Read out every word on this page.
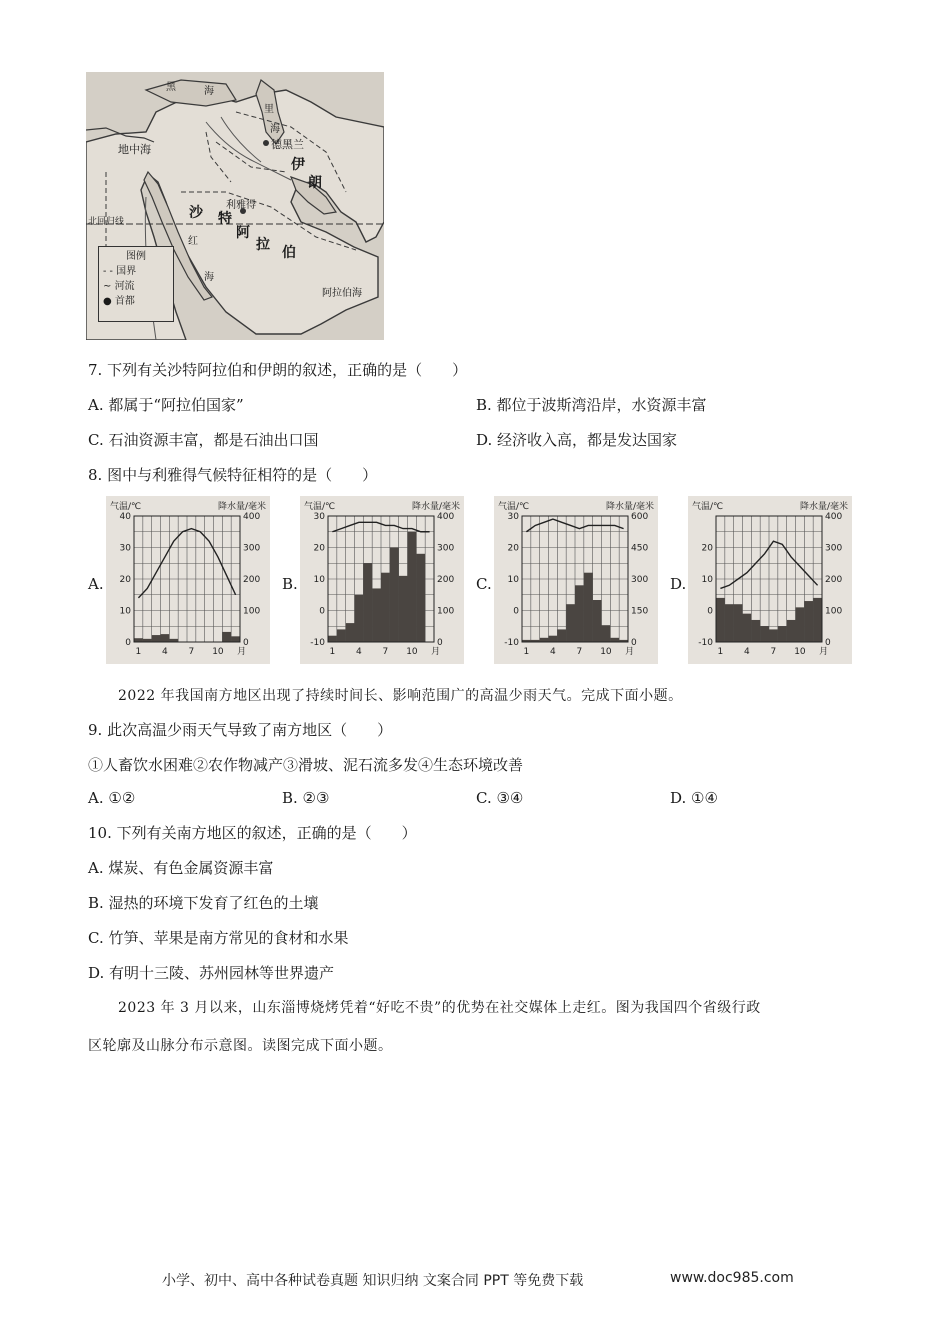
黑	海
里
海
地中海	德黑兰
伊
朗
利雅得
沙 特
阿
拉 伯
北回归线
红
海
阿拉伯海
图例
- - 国界
∼ 河流
● 首都
7. 下列有关沙特阿拉伯和伊朗的叙述，正确的是（　　）
A. 都属于“阿拉伯国家”	B. 都位于波斯湾沿岸，水资源丰富
C. 石油资源丰富，都是石油出口国	D. 经济收入高，都是发达国家
8. 图中与利雅得气候特征相符的是（　　）
A.
0
10
20
30
40
0
100
200
300
400
1 4 7 10 月
气温/℃	降水量/毫米
B.
-10
0
10
20
30
0
100
200
300
400
1 4 7 10 月
气温/℃	降水量/毫米
C.
-10
0
10
20
30
0
150
300
450
600
1 4 7 10 月
气温/℃	降水量/毫米
D.
-10
0
10
20
0
100
200
300
400
1 4 7 10 月
气温/℃	降水量/毫米
2022 年我国南方地区出现了持续时间长、影响范围广的高温少雨天气。完成下面小题。
9. 此次高温少雨天气导致了南方地区（　　）
①人畜饮水困难②农作物减产③滑坡、泥石流多发④生态环境改善
A. ①②	B. ②③	C. ③④	D. ①④
10. 下列有关南方地区的叙述，正确的是（　　）
A. 煤炭、有色金属资源丰富
B. 湿热的环境下发育了红色的土壤
C. 竹笋、苹果是南方常见的食材和水果
D. 有明十三陵、苏州园林等世界遗产
2023 年 3 月以来，山东淄博烧烤凭着“好吃不贵”的优势在社交媒体上走红。图为我国四个省级行政
区轮廓及山脉分布示意图。读图完成下面小题。
小学、初中、高中各种试卷真题 知识归纳 文案合同 PPT 等免费下载	www.doc985.com
